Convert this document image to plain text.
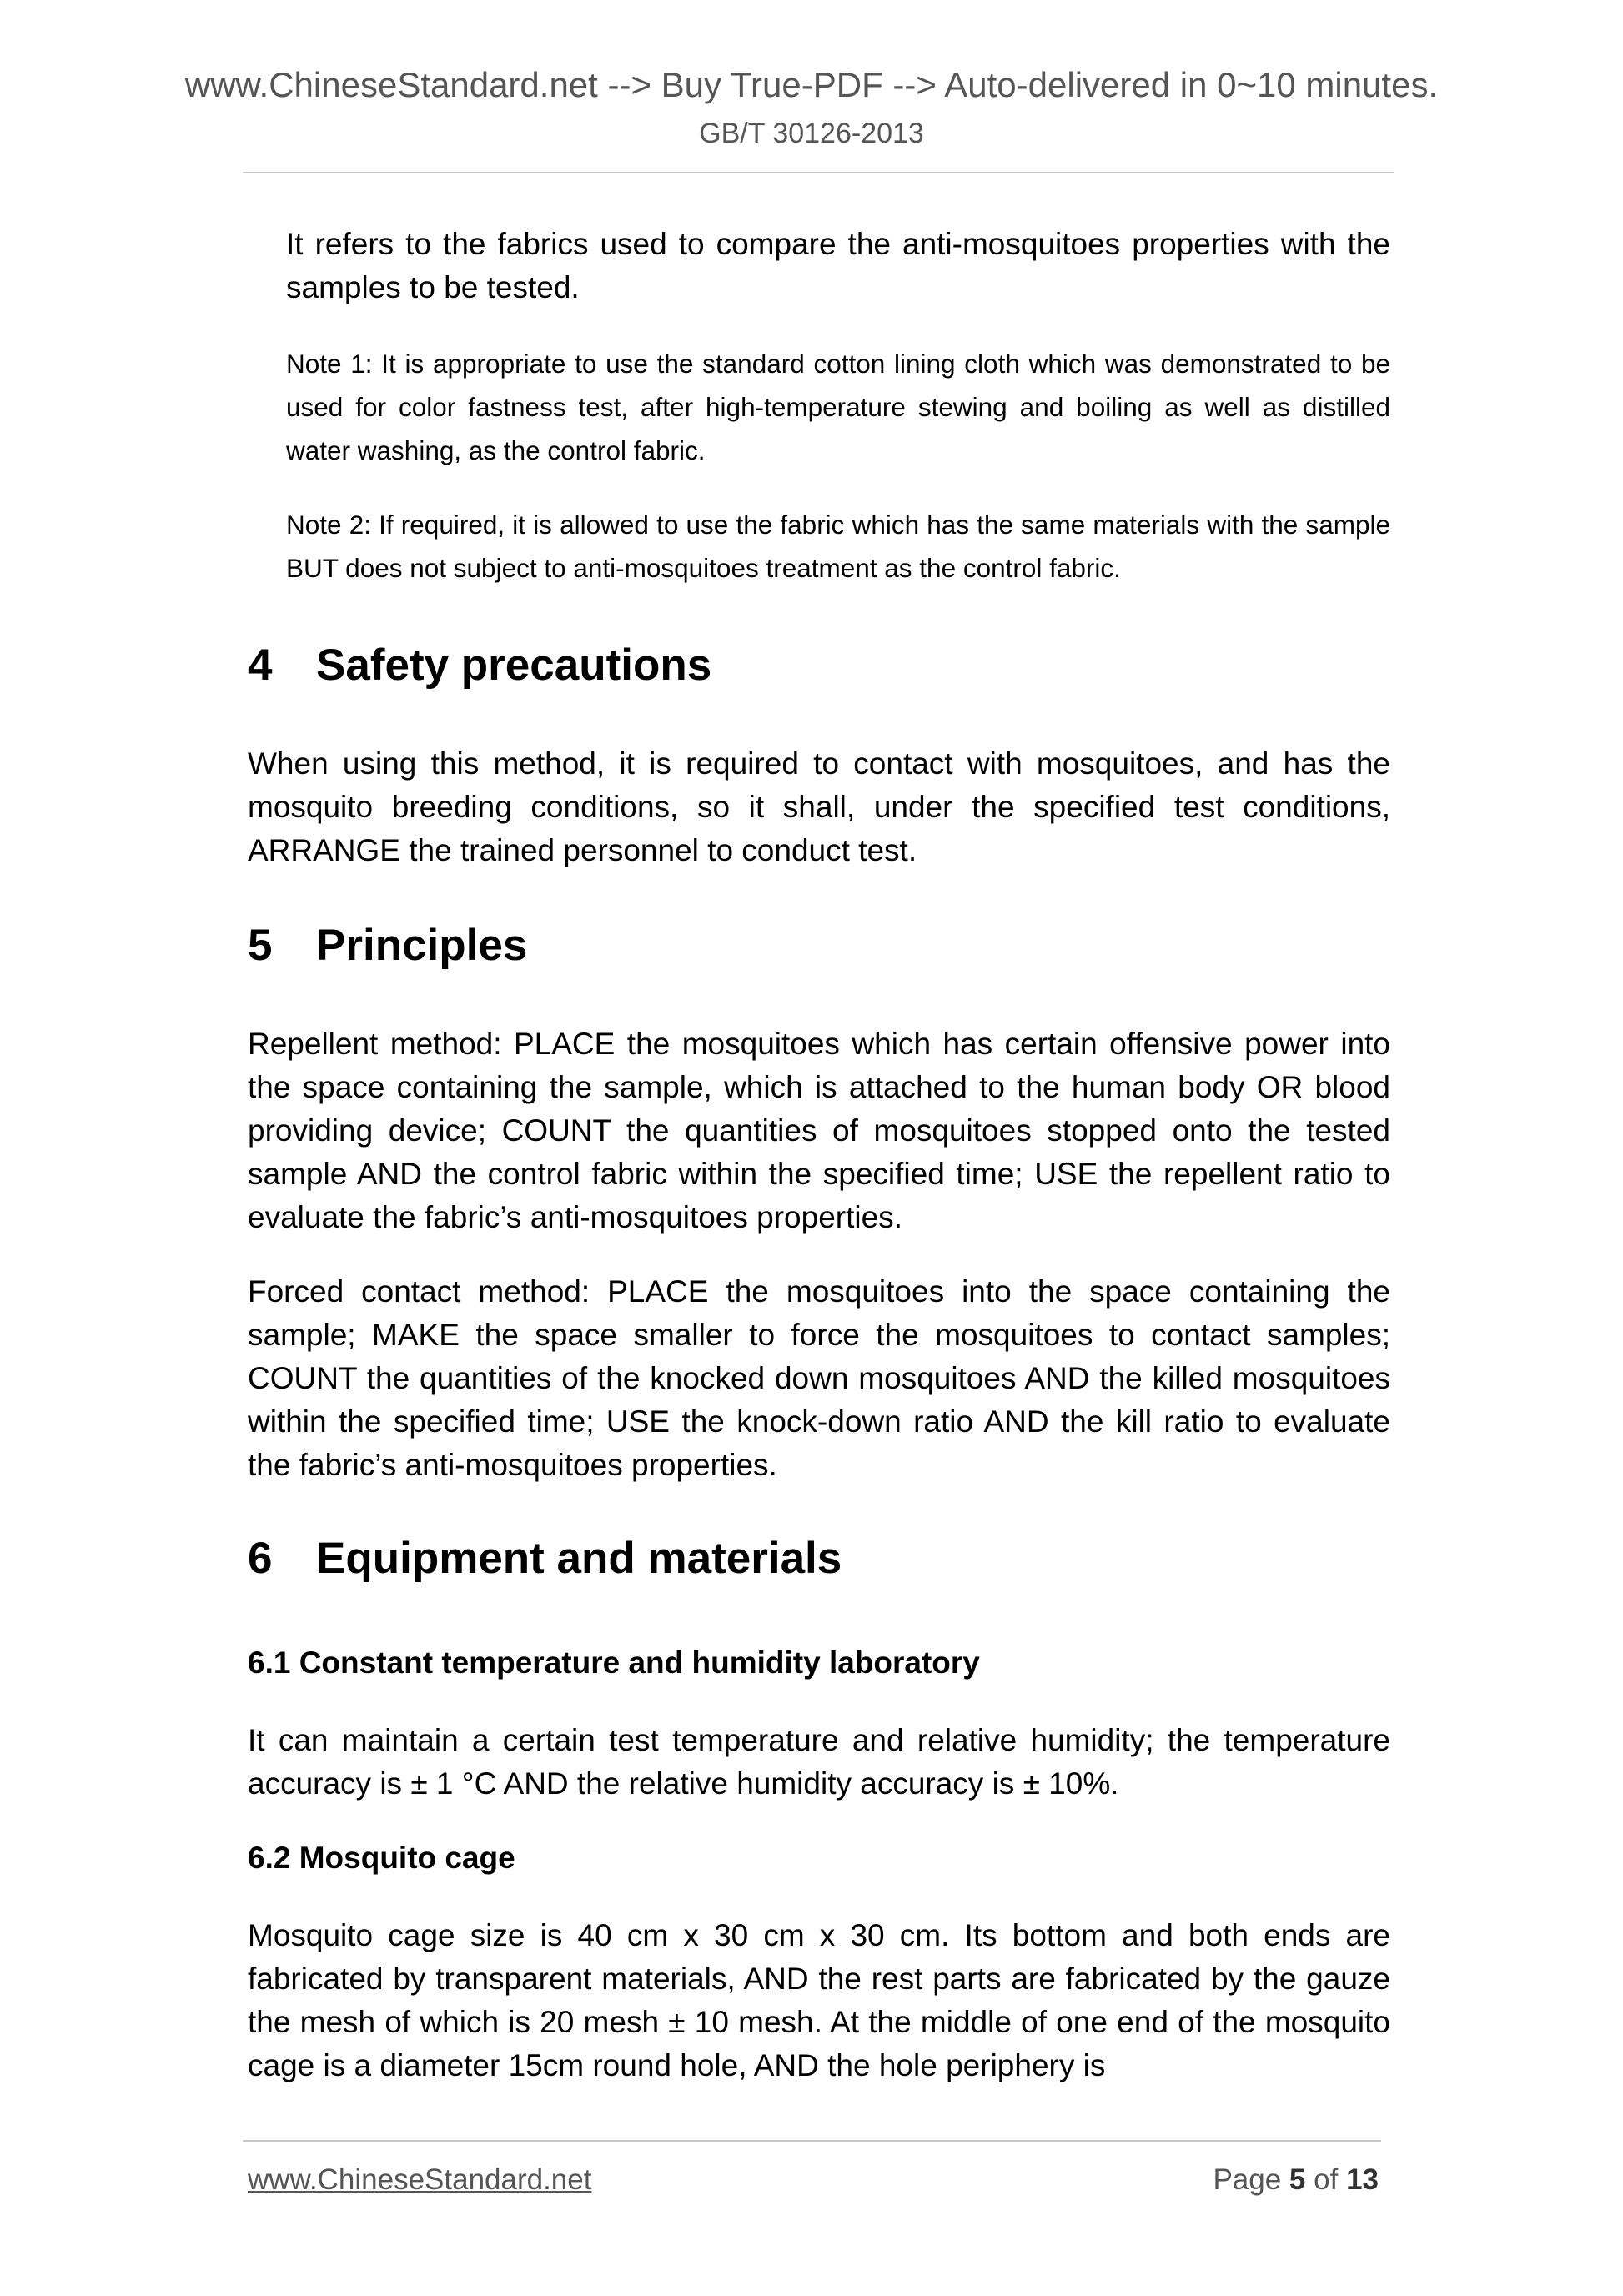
www.ChineseStandard.net --> Buy True-PDF --> Auto-delivered in 0~10 minutes.
GB/T 30126-2013

It refers to the fabrics used to compare the anti-mosquitoes properties with the samples to be tested.

Note 1: It is appropriate to use the standard cotton lining cloth which was demonstrated to be used for color fastness test, after high-temperature stewing and boiling as well as distilled water washing, as the control fabric.

Note 2: If required, it is allowed to use the fabric which has the same materials with the sample BUT does not subject to anti-mosquitoes treatment as the control fabric.

4 Safety precautions

When using this method, it is required to contact with mosquitoes, and has the mosquito breeding conditions, so it shall, under the specified test conditions, ARRANGE the trained personnel to conduct test.

5 Principles

Repellent method: PLACE the mosquitoes which has certain offensive power into the space containing the sample, which is attached to the human body OR blood providing device; COUNT the quantities of mosquitoes stopped onto the tested sample AND the control fabric within the specified time; USE the repellent ratio to evaluate the fabric’s anti-mosquitoes properties.

Forced contact method: PLACE the mosquitoes into the space containing the sample; MAKE the space smaller to force the mosquitoes to contact samples; COUNT the quantities of the knocked down mosquitoes AND the killed mosquitoes within the specified time; USE the knock-down ratio AND the kill ratio to evaluate the fabric’s anti-mosquitoes properties.

6 Equipment and materials
6.1 Constant temperature and humidity laboratory

It can maintain a certain test temperature and relative humidity; the temperature accuracy is ± 1 °C AND the relative humidity accuracy is ± 10%.

6.2 Mosquito cage

Mosquito cage size is 40 cm x 30 cm x 30 cm. Its bottom and both ends are fabricated by transparent materials, AND the rest parts are fabricated by the gauze the mesh of which is 20 mesh ± 10 mesh. At the middle of one end of the mosquito cage is a diameter 15cm round hole, AND the hole periphery is

www.ChineseStandard.net	Page 5 of 13
